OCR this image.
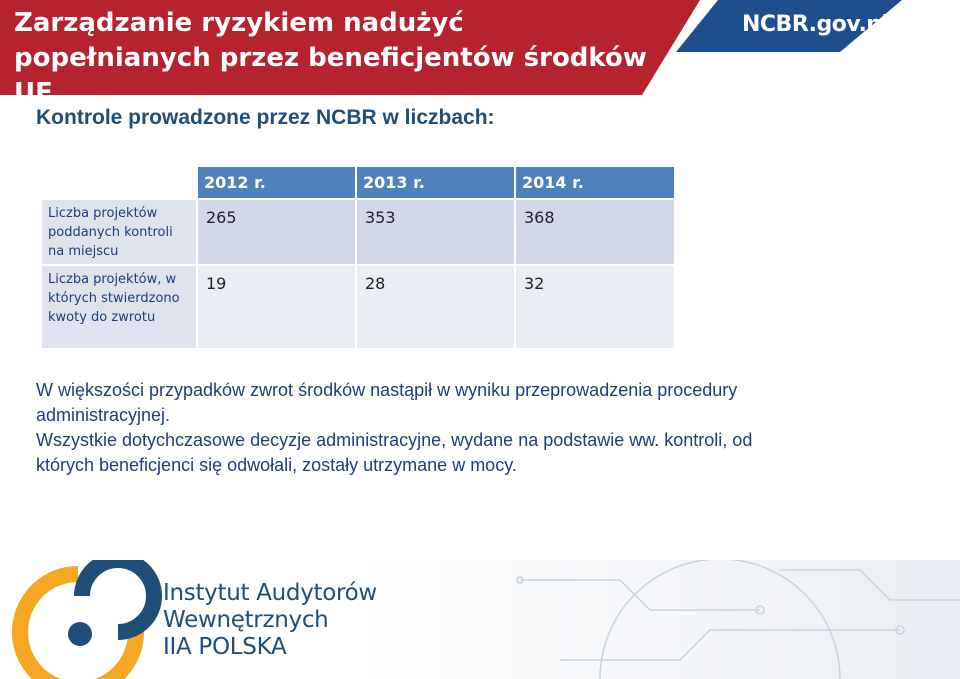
Zarządzanie ryzykiem nadużyć
popełnianych przez beneficjentów środków UE
NCBR.gov.pl
Kontrole prowadzone przez NCBR w liczbach:
	2012 r.	2013 r.	2014 r.
Liczba projektów poddanych kontroli na miejscu	265	353	368
Liczba projektów, w których stwierdzono kwoty do zwrotu	19	28	32

W większości przypadków zwrot środków nastąpił w wyniku przeprowadzenia procedury administracyjnej.

Wszystkie dotychczasowe decyzje administracyjne, wydane na podstawie ww. kontroli, od których beneficjenci się odwołali, zostały utrzymane w mocy.

Instytut Audytorów
Wewnętrznych
IIA POLSKA
